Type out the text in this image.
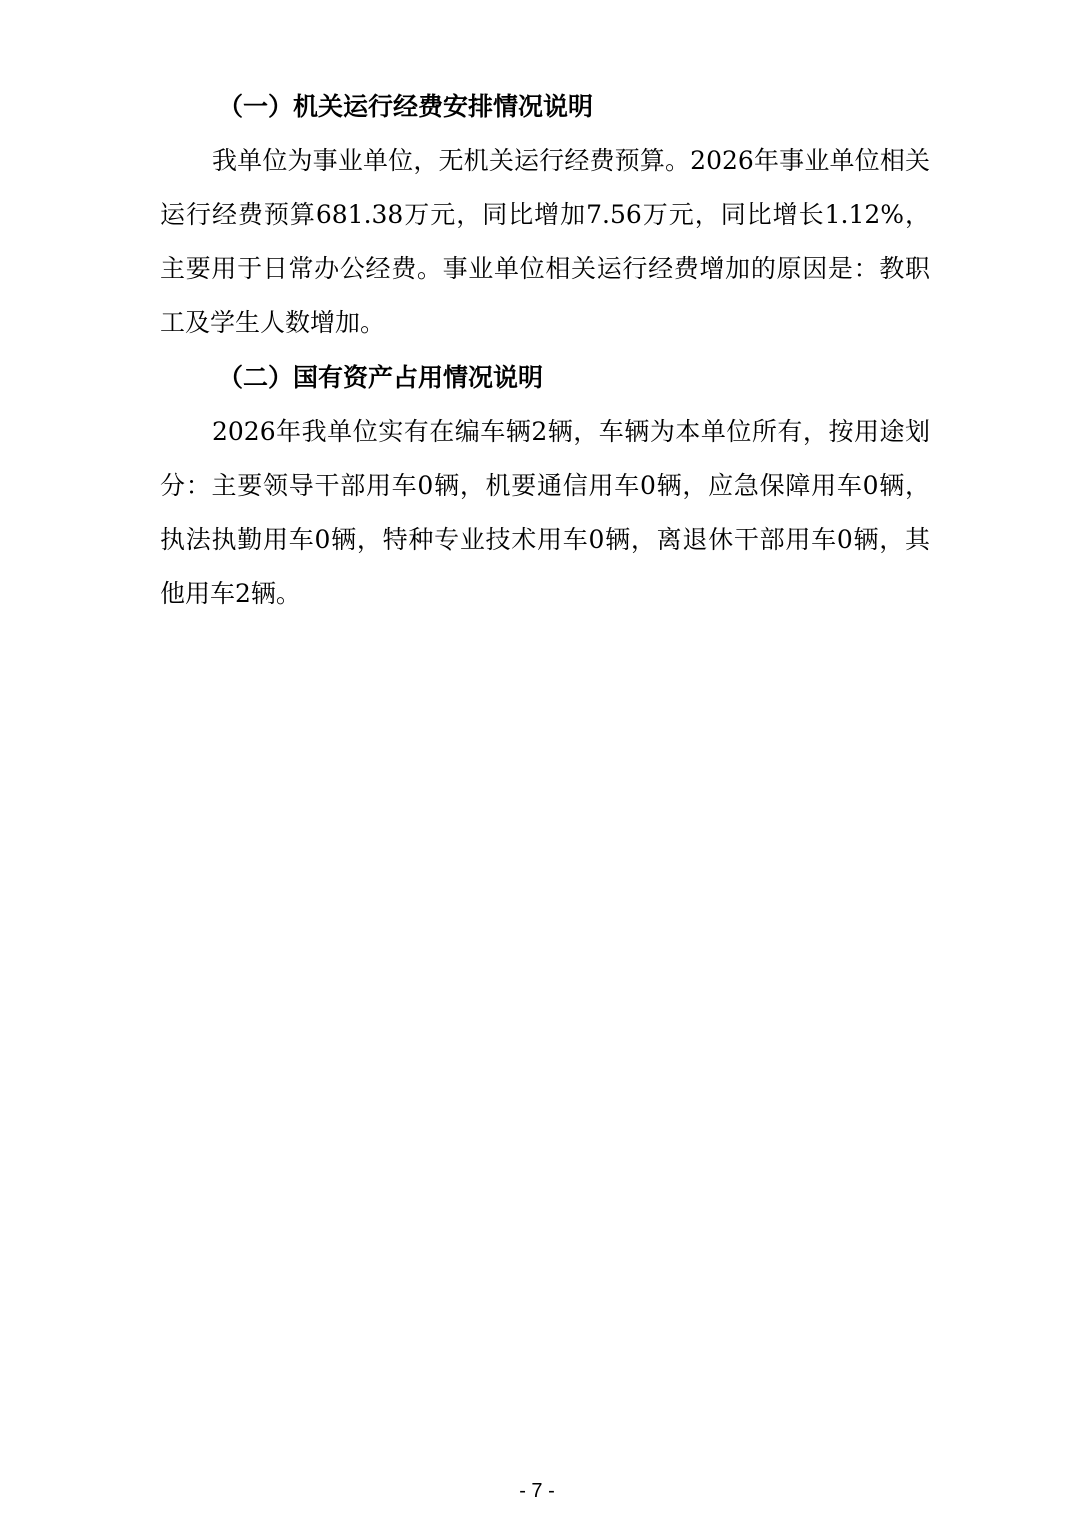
（一）机关运行经费安排情况说明
我单位为事业单位，无机关运行经费预算。2026年事业单位相关运行经费预算681.38万元，同比增加7.56万元，同比增长1.12%，主要用于日常办公经费。事业单位相关运行经费增加的原因是：教职工及学生人数增加。
（二）国有资产占用情况说明
2026年我单位实有在编车辆2辆，车辆为本单位所有，按用途划分：主要领导干部用车0辆，机要通信用车0辆，应急保障用车0辆，执法执勤用车0辆，特种专业技术用车0辆，离退休干部用车0辆，其他用车2辆。
- 7 -
